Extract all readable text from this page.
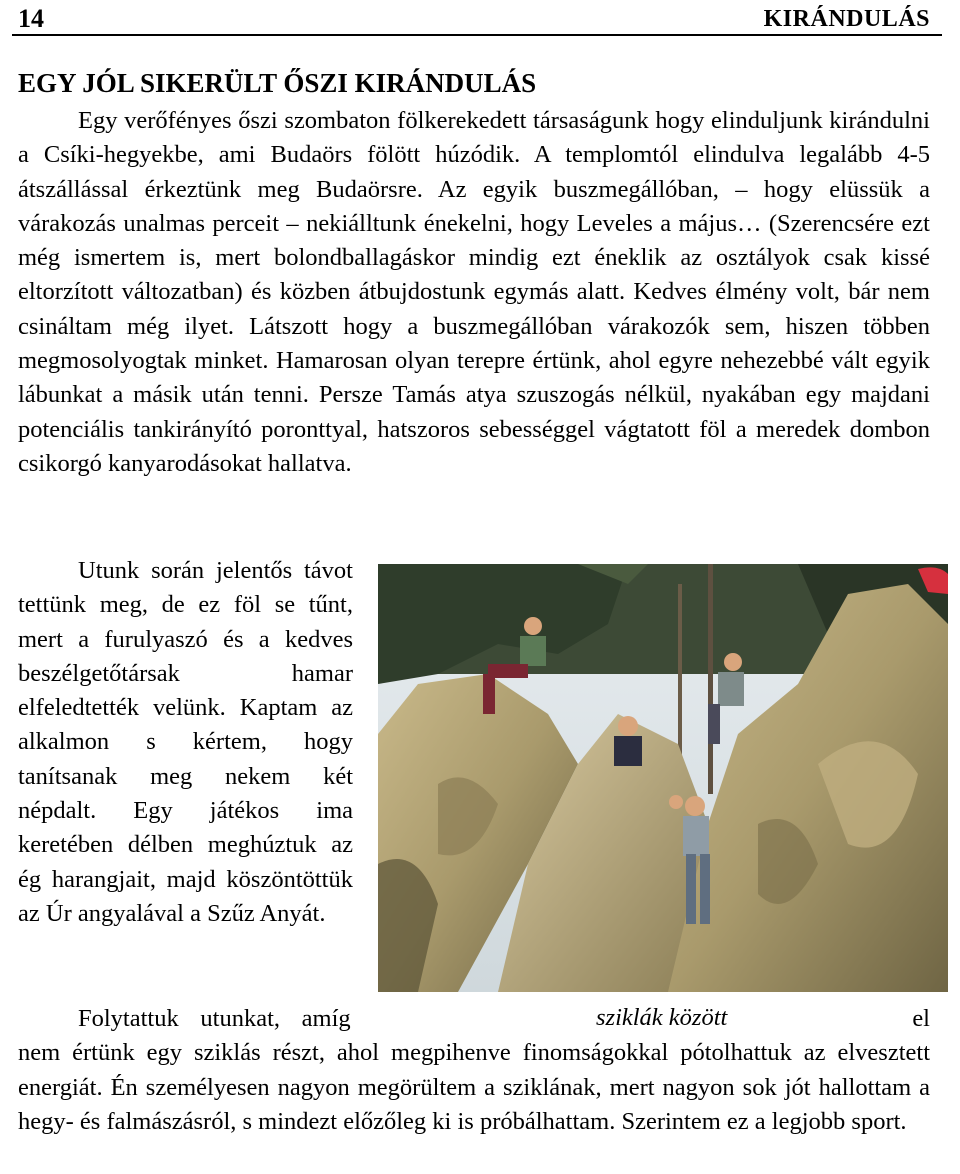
14	KIRÁNDULÁS
EGY JÓL SIKERÜLT ŐSZI KIRÁNDULÁS
Egy verőfényes őszi szombaton fölkerekedett társaságunk hogy elinduljunk kirándulni a Csíki-hegyekbe, ami Budaörs fölött húzódik. A templomtól elindulva legalább 4-5 átszállással érkeztünk meg Budaörsre. Az egyik buszmegállóban, – hogy elüssük a várakozás unalmas perceit – nekiálltunk énekelni, hogy Leveles a május… (Szerencsére ezt még ismertem is, mert bolondballagáskor mindig ezt éneklik az osztályok csak kissé eltorzított változatban) és közben átbujdostunk egymás alatt. Kedves élmény volt, bár nem csináltam még ilyet. Látszott hogy a buszmegállóban várakozók sem, hiszen többen megmosolyogtak minket. Hamarosan olyan terepre értünk, ahol egyre nehezebbé vált egyik lábunkat a másik után tenni. Persze Tamás atya szuszogás nélkül, nyakában egy majdani potenciális tankirányító poronttyal, hatszoros sebességgel vágtatott föl a meredek dombon csikorgó kanyarodásokat hallatva.
Utunk során jelentős távot tettünk meg, de ez föl se tűnt, mert a furulyaszó és a kedves beszélgetőtársak hamar elfeledtették velünk. Kaptam az alkalmon s kértem, hogy tanítsanak meg nekem két népdalt. Egy játékos ima keretében délben meghúztuk az ég harangjait, majd köszöntöttük az Úr angyalával a Szűz Anyát.
Folytattuk utunkat, amíg	el nem értünk egy sziklás részt, ahol megpihenve finomságokkal pótolhattuk az elvesztett energiát. Én személyesen nagyon megörültem a sziklának, mert nagyon sok jót hallottam a hegy- és falmászásról, s mindezt előzőleg ki is próbálhattam. Szerintem ez a legjobb sport.
sziklák között
